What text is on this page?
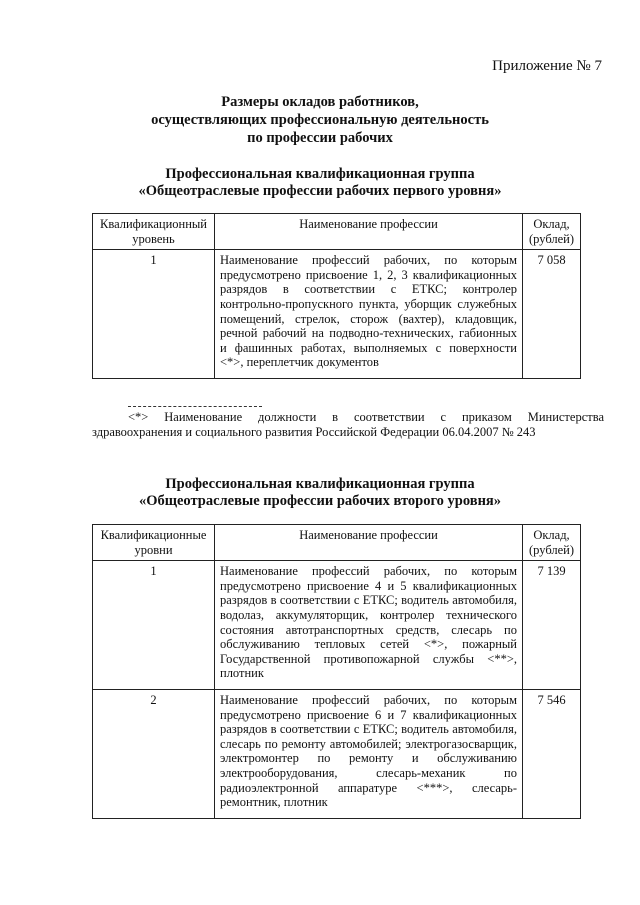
Приложение № 7
Размеры окладов работников,
осуществляющих профессиональную деятельность
по профессии рабочих
Профессиональная квалификационная группа
«Общеотраслевые профессии рабочих первого уровня»
Квалификационный уровень	Наименование профессии	Оклад, (рублей)
1	Наименование профессий рабочих, по которым предусмотрено присвоение 1, 2, 3 квалификационных разрядов в соответствии с ЕТКС; контролер контрольно-пропускного пункта, уборщик служебных помещений, стрелок, сторож (вахтер), кладовщик, речной рабочий на подводно-технических, габионных и фашинных работах, выполняемых с поверхности <*>, переплетчик документов	7 058
<*> Наименование должности в соответствии с приказом Министерства здравоохранения и социального развития Российской Федерации 06.04.2007 № 243
Профессиональная квалификационная группа
«Общеотраслевые профессии рабочих второго уровня»
Квалификационные уровни	Наименование профессии	Оклад, (рублей)
1	Наименование профессий рабочих, по которым предусмотрено присвоение 4 и 5 квалификационных разрядов в соответствии с ЕТКС; водитель автомобиля, водолаз, аккумуляторщик, контролер технического состояния автотранспортных средств, слесарь по обслуживанию тепловых сетей <*>, пожарный Государственной противопожарной службы <**>, плотник	7 139
2	Наименование профессий рабочих, по которым предусмотрено присвоение 6 и 7 квалификационных разрядов в соответствии с ЕТКС; водитель автомобиля, слесарь по ремонту автомобилей; электрогазосварщик, электромонтер по ремонту и обслуживанию электрооборудования, слесарь-механик по радиоэлектронной аппаратуре <***>, слесарь-ремонтник, плотник	7 546
